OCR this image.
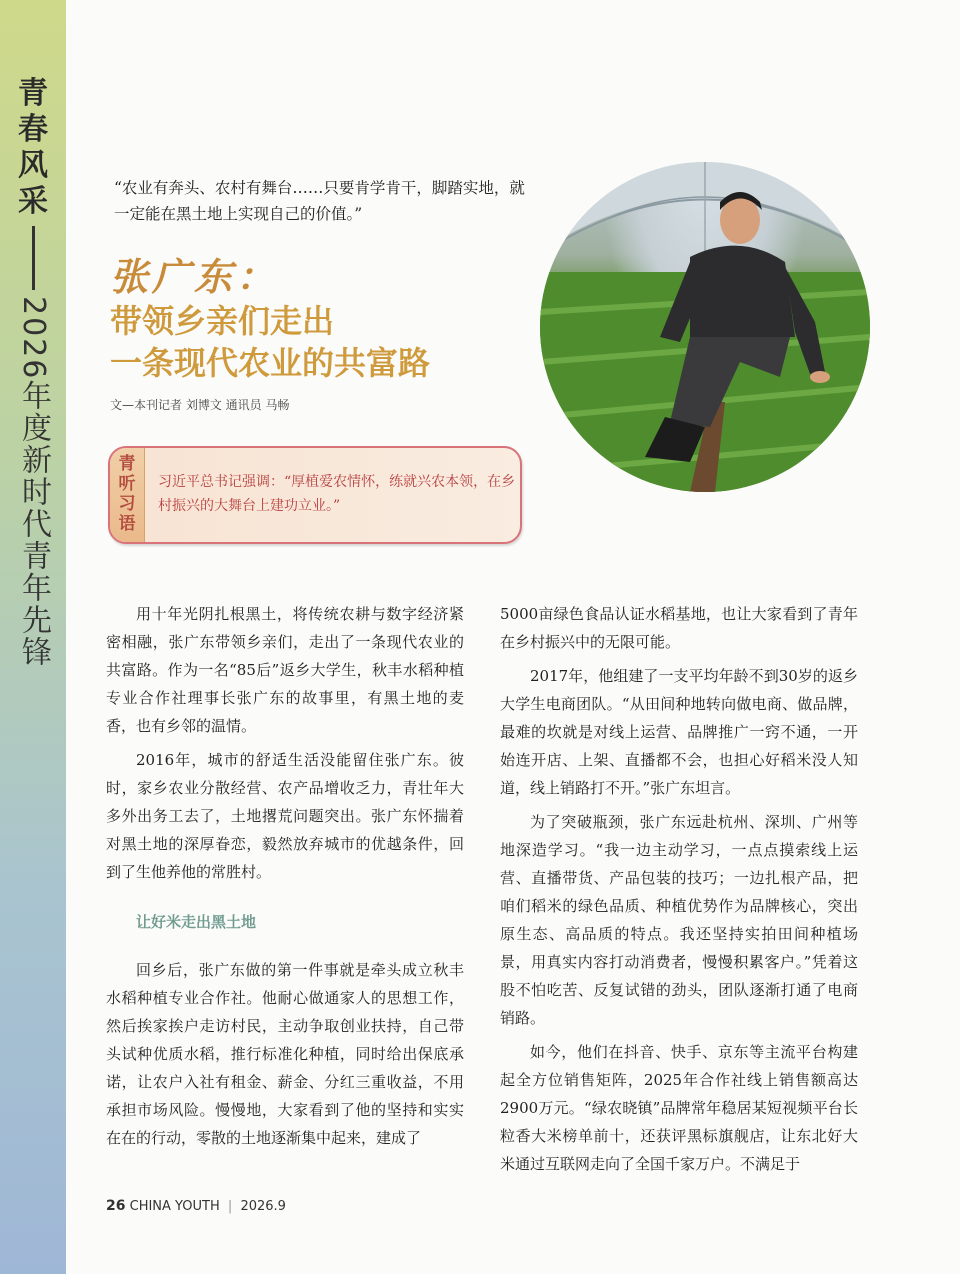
青
春
风
采
2026年度新时代青年先锋
“农业有奔头、农村有舞台……只要肯学肯干，脚踏实地，就一定能在黑土地上实现自己的价值。”
张广东：
带领乡亲们走出
一条现代农业的共富路
文—本刊记者 刘博文 通讯员 马畅
青听习语
习近平总书记强调：“厚植爱农情怀，练就兴农本领，在乡村振兴的大舞台上建功立业。”

用十年光阴扎根黑土，将传统农耕与数字经济紧密相融，张广东带领乡亲们，走出了一条现代农业的共富路。作为一名“85后”返乡大学生，秋丰水稻种植专业合作社理事长张广东的故事里，有黑土地的麦香，也有乡邻的温情。

2016年，城市的舒适生活没能留住张广东。彼时，家乡农业分散经营、农产品增收乏力，青壮年大多外出务工去了，土地撂荒问题突出。张广东怀揣着对黑土地的深厚眷恋，毅然放弃城市的优越条件，回到了生他养他的常胜村。

让好米走出黑土地

回乡后，张广东做的第一件事就是牵头成立秋丰水稻种植专业合作社。他耐心做通家人的思想工作，然后挨家挨户走访村民，主动争取创业扶持，自己带头试种优质水稻，推行标准化种植，同时给出保底承诺，让农户入社有租金、薪金、分红三重收益，不用承担市场风险。慢慢地，大家看到了他的坚持和实实在在的行动，零散的土地逐渐集中起来，建成了

5000亩绿色食品认证水稻基地，也让大家看到了青年在乡村振兴中的无限可能。

2017年，他组建了一支平均年龄不到30岁的返乡大学生电商团队。“从田间种地转向做电商、做品牌，最难的坎就是对线上运营、品牌推广一窍不通，一开始连开店、上架、直播都不会，也担心好稻米没人知道，线上销路打不开。”张广东坦言。

为了突破瓶颈，张广东远赴杭州、深圳、广州等地深造学习。“我一边主动学习，一点点摸索线上运营、直播带货、产品包装的技巧；一边扎根产品，把咱们稻米的绿色品质、种植优势作为品牌核心，突出原生态、高品质的特点。我还坚持实拍田间种植场景，用真实内容打动消费者，慢慢积累客户。”凭着这股不怕吃苦、反复试错的劲头，团队逐渐打通了电商销路。

如今，他们在抖音、快手、京东等主流平台构建起全方位销售矩阵，2025年合作社线上销售额高达2900万元。“绿农晓镇”品牌常年稳居某短视频平台长粒香大米榜单前十，还获评黑标旗舰店，让东北好大米通过互联网走向了全国千家万户。不满足于

26 CHINA YOUTH | 2026.9
